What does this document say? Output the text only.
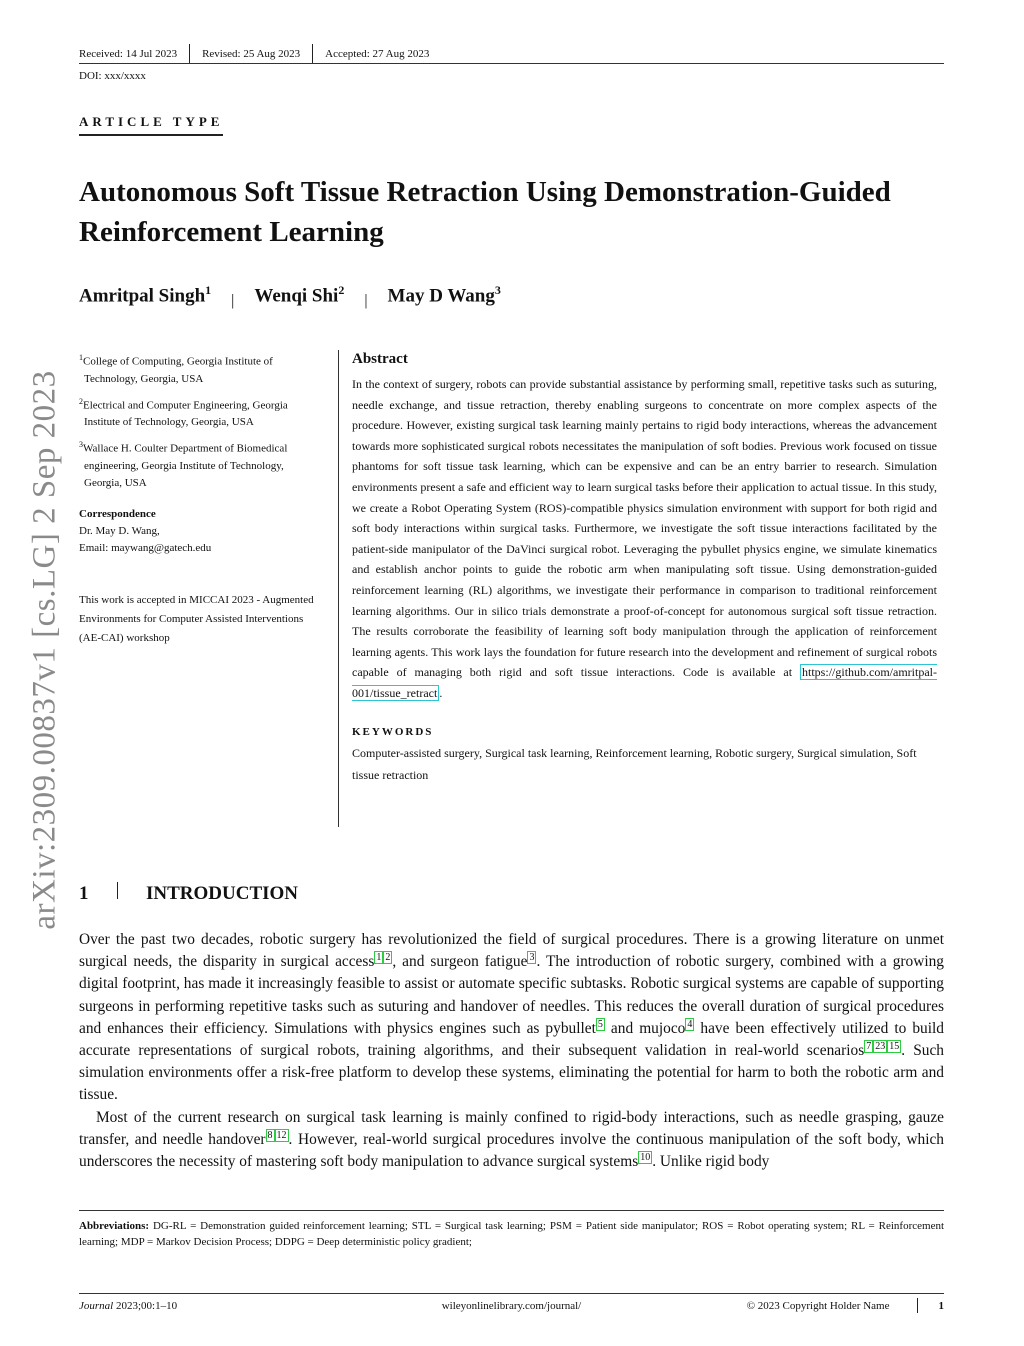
Received: 14 Jul 2023	Revised: 25 Aug 2023	Accepted: 27 Aug 2023
DOI: xxx/xxxx
ARTICLE TYPE
Autonomous Soft Tissue Retraction Using Demonstration-Guided Reinforcement Learning
Amritpal Singh$^1$
| Wenqi Shi$^2$
| May D Wang$^3$
$^1$College of Computing, Georgia Institute of Technology, Georgia, USA
$^2$Electrical and Computer Engineering, Georgia Institute of Technology, Georgia, USA
$^3$Wallace H. Coulter Department of Biomedical engineering, Georgia Institute of Technology, Georgia, USA
Correspondence
Dr. May D. Wang,
Email: maywang@gatech.edu
This work is accepted in MICCAI 2023 - Augmented Environments for Computer Assisted Interventions (AE-CAI) workshop
Abstract

In the context of surgery, robots can provide substantial assistance by performing small, repetitive tasks such as suturing, needle exchange, and tissue retraction, thereby enabling surgeons to concentrate on more complex aspects of the procedure. However, existing surgical task learning mainly pertains to rigid body interactions, whereas the advancement towards more sophisticated surgical robots necessitates the manipulation of soft bodies. Previous work focused on tissue phantoms for soft tissue task learning, which can be expensive and can be an entry barrier to research. Simulation environments present a safe and efficient way to learn surgical tasks before their application to actual tissue. In this study, we create a Robot Operating System (ROS)-compatible physics simulation environment with support for both rigid and soft body interactions within surgical tasks. Furthermore, we investigate the soft tissue interactions facilitated by the patient-side manipulator of the DaVinci surgical robot. Leveraging the pybullet physics engine, we simulate kinematics and establish anchor points to guide the robotic arm when manipulating soft tissue. Using demonstration-guided reinforcement learning (RL) algorithms, we investigate their performance in comparison to traditional reinforcement learning algorithms. Our in silico trials demonstrate a proof-of-concept for autonomous surgical soft tissue retraction. The results corroborate the feasibility of learning soft body manipulation through the application of reinforcement learning agents. This work lays the foundation for future research into the development and refinement of surgical robots capable of managing both rigid and soft tissue interactions. Code is available at https://github.com/amritpal-001/tissue_retract .

KEYWORDS
Computer-assisted surgery, Surgical task learning, Reinforcement learning, Robotic surgery, Surgical simulation, Soft tissue retraction
arXiv:2309.00837v1 [cs.LG] 2 Sep 2023 1	INTRODUCTION

Over the past two decades, robotic surgery has revolutionized the field of surgical procedures. There is a growing literature on unmet surgical needs, the disparity in surgical access $^{1 2}$ , and surgeon fatigue $^3$ . The introduction of robotic surgery, combined with a growing digital footprint, has made it increasingly feasible to assist or automate specific subtasks. Robotic surgical systems are capable of supporting surgeons in performing repetitive tasks such as suturing and handover of needles. This reduces the overall duration of surgical procedures and enhances their efficiency. Simulations with physics engines such as pybullet $^5$ and mujoco $^4$ have been effectively utilized to build accurate representations of surgical robots, training algorithms, and their subsequent validation in real-world scenarios $^{7 23 15}$ . Such simulation environments offer a risk-free platform to develop these systems, eliminating the potential for harm to both the robotic arm and tissue.

Most of the current research on surgical task learning is mainly confined to rigid-body interactions, such as needle grasping, gauze transfer, and needle handover $^{8 12}$ . However, real-world surgical procedures involve the continuous manipulation of the soft body, which underscores the necessity of mastering soft body manipulation to advance surgical systems $^{10}$ . Unlike rigid body

Abbreviations: DG-RL = Demonstration guided reinforcement learning; STL = Surgical task learning; PSM = Patient side manipulator; ROS = Robot operating system; RL = Reinforcement learning; MDP = Markov Decision Process; DDPG = Deep deterministic policy gradient;
Journal 2023;00:1–10	wileyonlinelibrary.com/journal/	© 2023 Copyright Holder Name	1
